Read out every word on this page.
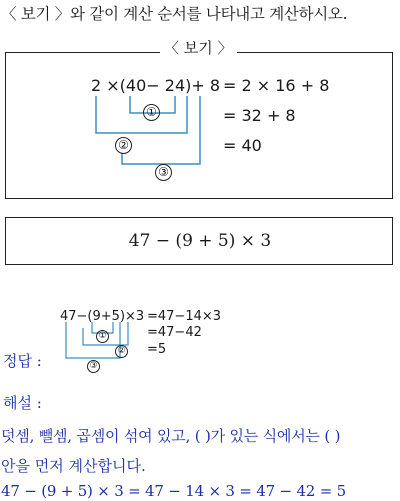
〈 보기 〉와 같이 계산 순서를 나타내고 계산하시오.
〈 보기 〉
2 ×(40− 24)+ 8 = 2 × 16 + 8
= 32 + 8
= 40
①
②
③
47 − (9 + 5) × 3
47−(9+5)×3 =47−14×3
=47−42
=5
①
②
③
정답 :
해설 :
덧셈, 뺄셈, 곱셈이 섞여 있고, ( )가 있는 식에서는 ( )
안을 먼저 계산합니다.
47 − (9 + 5) × 3 = 47 − 14 × 3 = 47 − 42 = 5
